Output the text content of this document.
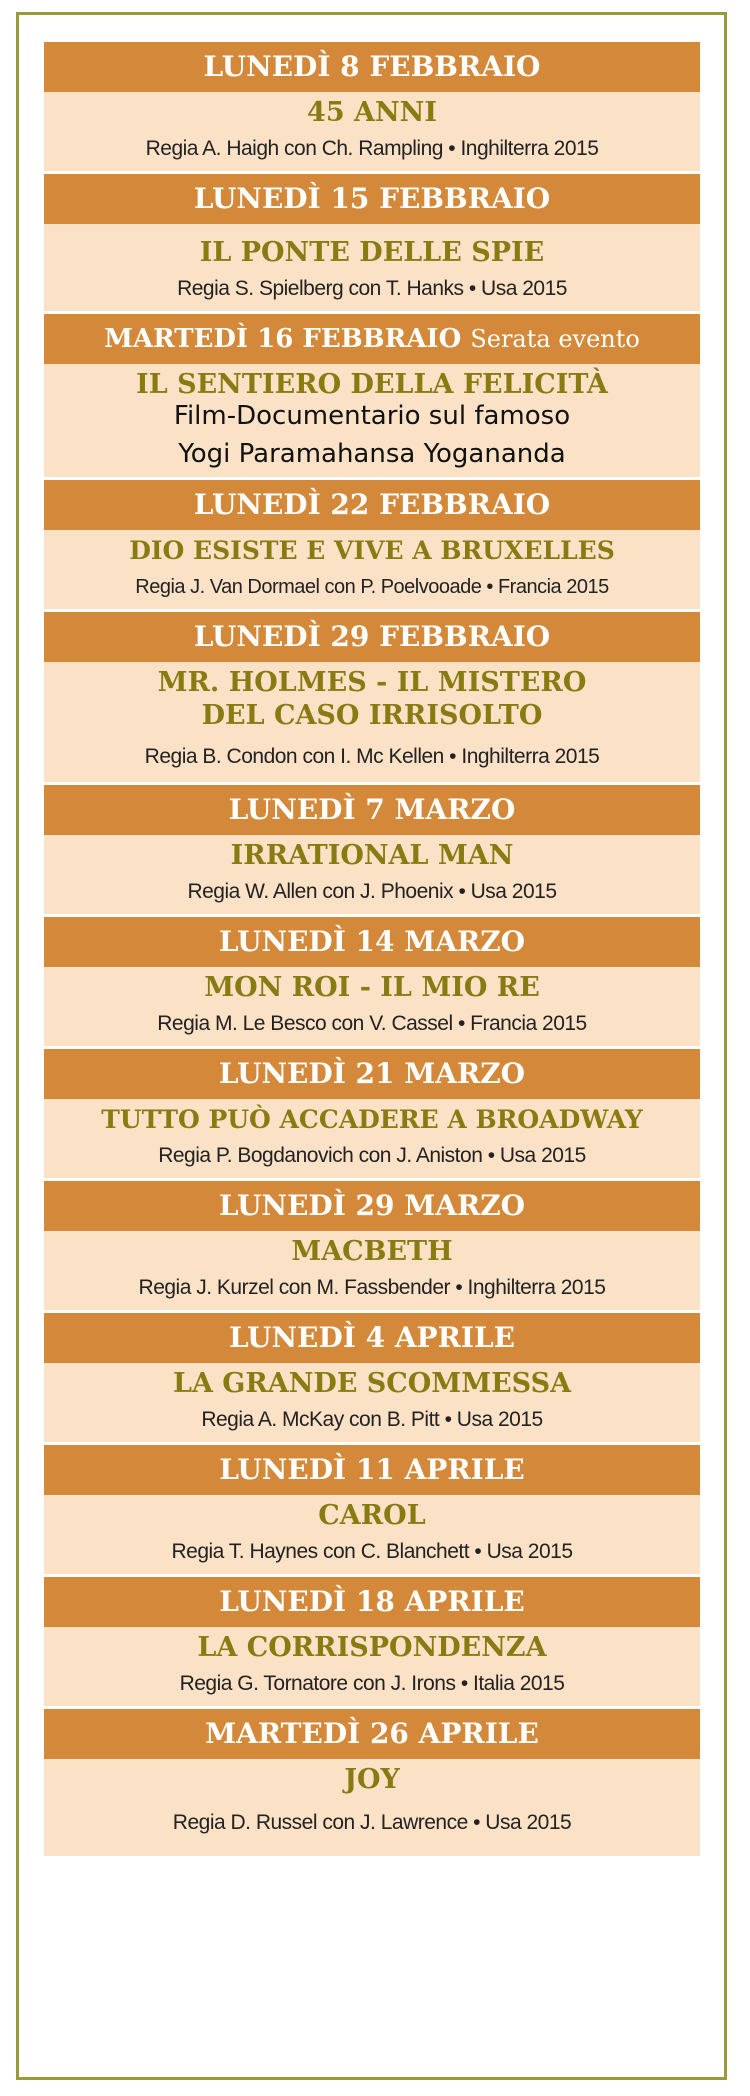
LUNEDÌ 8 FEBBRAIO
45 ANNI
Regia A. Haigh con Ch. Rampling • Inghilterra 2015
LUNEDÌ 15 FEBBRAIO
IL PONTE DELLE SPIE
Regia S. Spielberg con T. Hanks • Usa 2015
MARTEDÌ 16 FEBBRAIO Serata evento
IL SENTIERO DELLA FELICITÀ
Film-Documentario sul famoso
Yogi Paramahansa Yogananda
LUNEDÌ 22 FEBBRAIO
DIO ESISTE E VIVE A BRUXELLES
Regia J. Van Dormael con P. Poelvooade • Francia 2015
LUNEDÌ 29 FEBBRAIO
MR. HOLMES - IL MISTERO
DEL CASO IRRISOLTO
Regia B. Condon con I. Mc Kellen • Inghilterra 2015
LUNEDÌ 7 MARZO
IRRATIONAL MAN
Regia W. Allen con J. Phoenix • Usa 2015
LUNEDÌ 14 MARZO
MON ROI - IL MIO RE
Regia M. Le Besco con V. Cassel • Francia 2015
LUNEDÌ 21 MARZO
TUTTO PUÒ ACCADERE A BROADWAY
Regia P. Bogdanovich con J. Aniston • Usa 2015
LUNEDÌ 29 MARZO
MACBETH
Regia J. Kurzel con M. Fassbender • Inghilterra 2015
LUNEDÌ 4 APRILE
LA GRANDE SCOMMESSA
Regia A. McKay con B. Pitt • Usa 2015
LUNEDÌ 11 APRILE
CAROL
Regia T. Haynes con C. Blanchett • Usa 2015
LUNEDÌ 18 APRILE
LA CORRISPONDENZA
Regia G. Tornatore con J. Irons • Italia 2015
MARTEDÌ 26 APRILE
JOY
Regia D. Russel con J. Lawrence • Usa 2015
